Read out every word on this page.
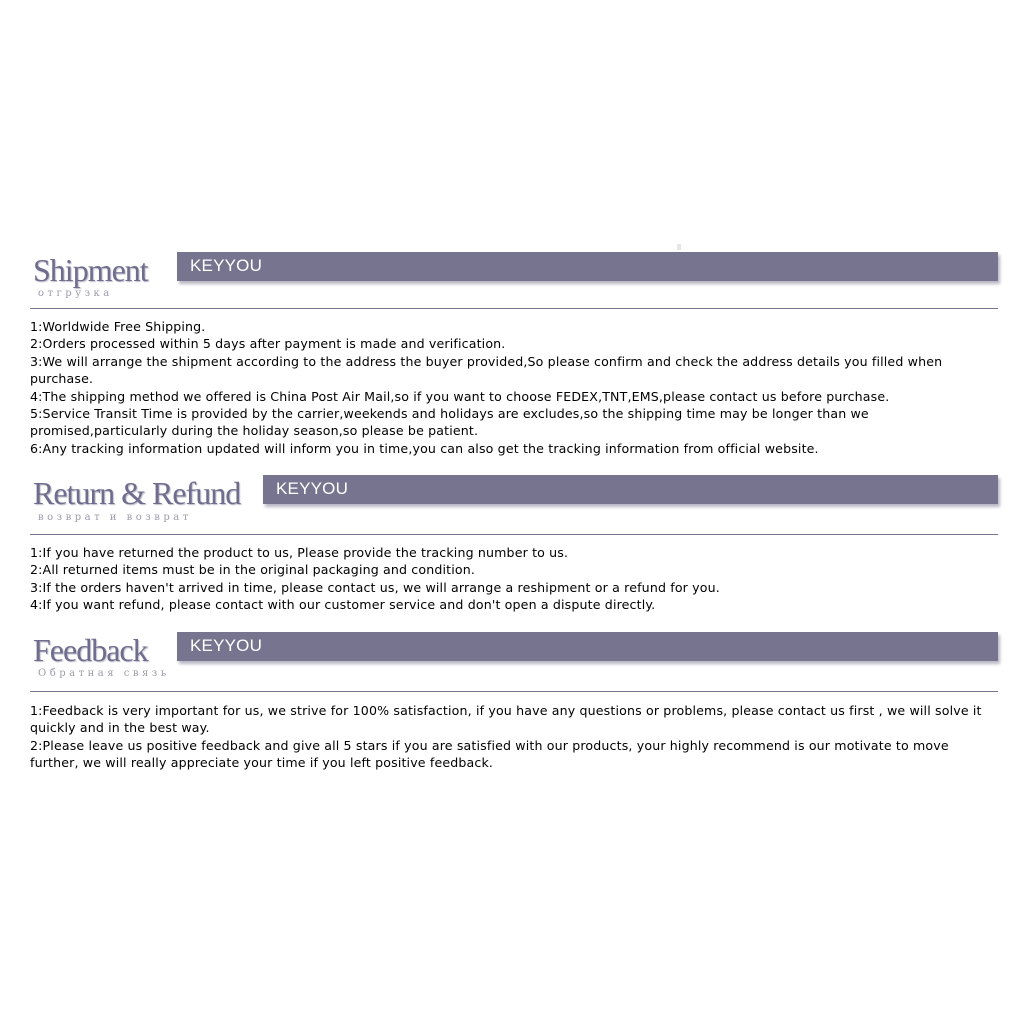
Shipment
отгрузка
KEYYOU

1:Worldwide Free Shipping.

2:Orders processed within 5 days after payment is made and verification.

3:We will arrange the shipment according to the address the buyer provided,So please confirm and check the address details you filled when purchase.

4:The shipping method we offered is China Post Air Mail,so if you want to choose FEDEX,TNT,EMS,please contact us before purchase.

5:Service Transit Time is provided by the carrier,weekends and holidays are excludes,so the shipping time may be longer than we promised,particularly during the holiday season,so please be patient.

6:Any tracking information updated will inform you in time,you can also get the tracking information from official website.

Return & Refund
возврат и возврат
KEYYOU

1:If you have returned the product to us, Please provide the tracking number to us.

2:All returned items must be in the original packaging and condition.

3:If the orders haven't arrived in time, please contact us, we will arrange a reshipment or a refund for you.

4:If you want refund, please contact with our customer service and don't open a dispute directly.

Feedback
Обратная связь
KEYYOU

1:Feedback is very important for us, we strive for 100% satisfaction, if you have any questions or problems, please contact us first , we will solve it quickly and in the best way.

2:Please leave us positive feedback and give all 5 stars if you are satisfied with our products, your highly recommend is our motivate to move further, we will really appreciate your time if you left positive feedback.
